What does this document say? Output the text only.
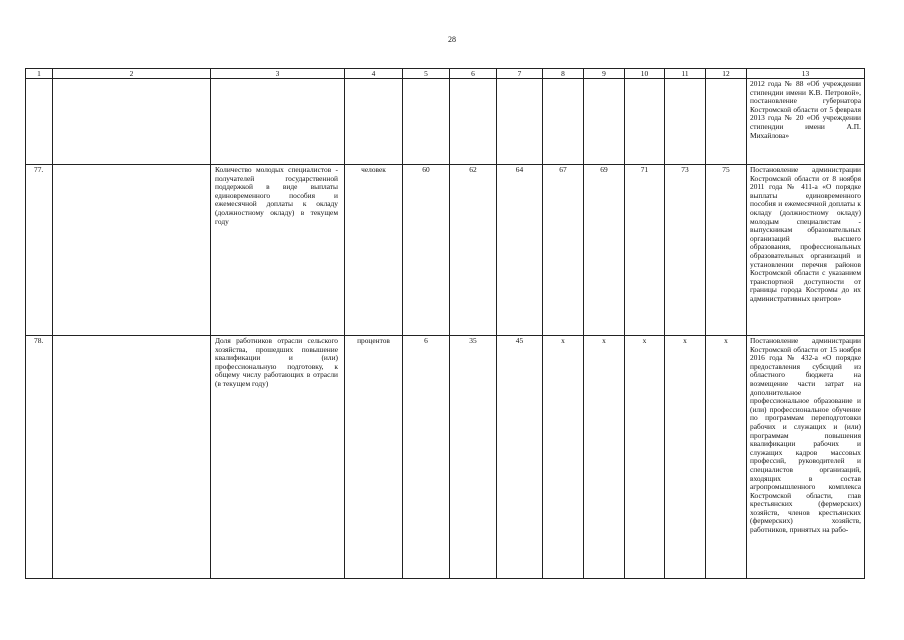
28
1	2	3	4	5	6	7	8	9	10	11	12	13
												2012 года № 88 «Об учреждении стипендии имени К.В. Петровой», постановление губернатора Костромской области от 5 февраля 2013 года № 20 «Об учреждении стипендии имени А.П. Михайлова»
77.		Количество молодых специалистов - получателей государственной поддержкой в виде выплаты единовременного пособия и ежемесячной доплаты к окладу (должностному окладу) в текущем году	человек	60	62	64	67	69	71	73	75	Постановление администрации Костромской области от 8 ноября 2011 года № 411-а «О порядке выплаты единовременного пособия и ежемесячной доплаты к окладу (должностному окладу) молодым специалистам - выпускникам образовательных организаций высшего образования, профессиональных образовательных организаций и установлении перечня районов Костромской области с указанием транспортной доступности от границы города Костромы до их административных центров»
78.		Доля работников отрасли сельского хозяйства, прошедших повышение квалификации и (или) профессиональную подготовку, к общему числу работающих в отрасли (в текущем году)	процентов	6	35	45	x	x	x	x	x	Постановление администрации Костромской области от 15 ноября 2016 года № 432-а «О порядке предоставления субсидий из областного бюджета на возмещение части затрат на дополнительное профессиональное образование и (или) профессиональное обучение по программам переподготовки рабочих и служащих и (или) программам повышения квалификации рабочих и служащих кадров массовых профессий, руководителей и специалистов организаций, входящих в состав агропромышленного комплекса Костромской области, глав крестьянских (фермерских) хозяйств, членов крестьянских (фермерских) хозяйств, работников, принятых на рабо-
